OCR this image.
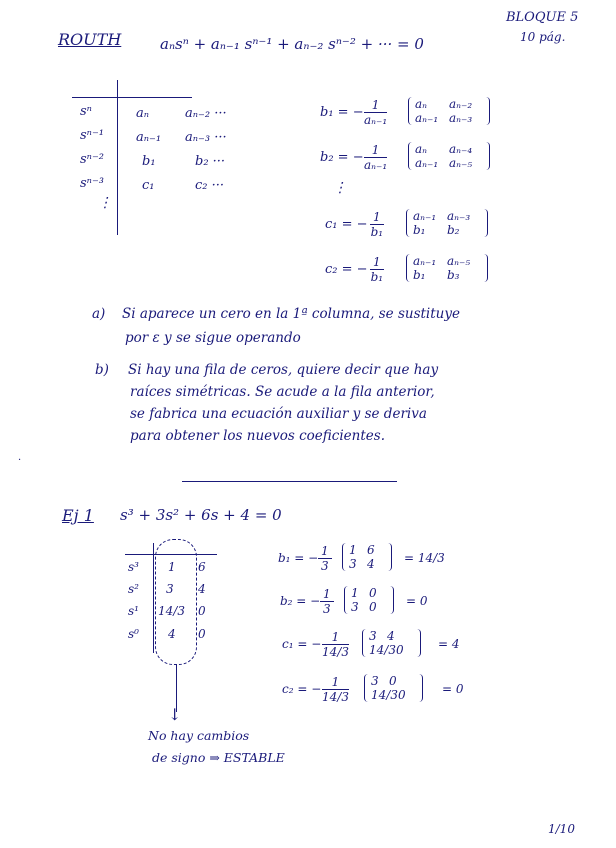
BLOQUE 5
10 pág.
ROUTH	aₙsⁿ + aₙ₋₁ sⁿ⁻¹ + aₙ₋₂ sⁿ⁻² + ··· = 0
sⁿ	aₙ	aₙ₋₂ ···
sⁿ⁻¹ aₙ₋₁ aₙ₋₃ ···
sⁿ⁻²	b₁	b₂ ···
sⁿ⁻³	c₁	c₂ ···
⋮
b₁ = − $\frac{1}{\text{aₙ₋₁}}$ aₙ aₙ₋₂
aₙ₋₁ aₙ₋₃
b₂ = − $\frac{1}{\text{aₙ₋₁}}$ aₙ aₙ₋₄
aₙ₋₁ aₙ₋₅
⋮
c₁ = − $\frac{1}{\text{b₁}} a_{n-1}$ aₙ₋₃
b₁ b₂
c₂ = − $\frac{1}{\text{b₁}} a_{n-1}$ aₙ₋₅
b₁ b₃
a) Si aparece un cero en la 1ª columna, se sustituye
por ε y se sigue operando
b) Si hay una fila de ceros, quiere decir que hay
raíces simétricas. Se acude a la fila anterior,
se fabrica una ecuación auxiliar y se deriva
para obtener los nuevos coeficientes.
·
Ej 1 s³ + 3s² + 6s + 4 = 0
s³ 1 6
s² 3 4
s¹ 14/3 0
s⁰ 4 0
b₁ = − $\frac{1}{3} 1$ 6
3 4	= 14/3
b₂ = − $\frac{1}{3} 1$ 0
3 0	= 0
c₁ = − $\frac{1}{14/3} 3$ 4
14/30	= 4
c₂ = − $\frac{1}{14/3} 3$ 0
14/30	= 0
↓
No hay cambios
de signo ⇒ ESTABLE
1/10
